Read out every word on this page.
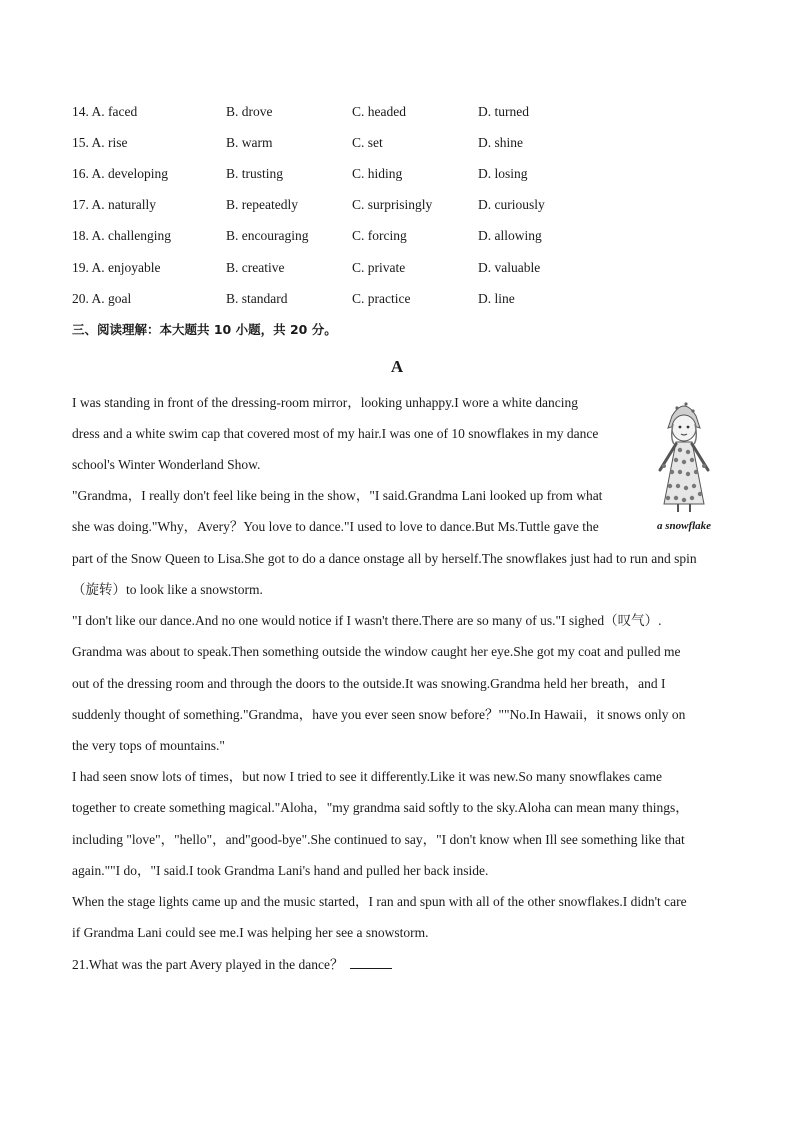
14. A. faced	B. drove	C. headed	D. turned
15. A. rise	B. warm	C. set	D. shine
16. A. developing	B. trusting	C. hiding	D. losing
17. A. naturally	B. repeatedly	C. surprisingly	D. curiously
18. A. challenging	B. encouraging	C. forcing	D. allowing
19. A. enjoyable	B. creative	C. private	D. valuable
20. A. goal	B. standard	C. practice	D. line
三、阅读理解：本大题共 10 小题，共 20 分。
A
a snowflake
I was standing in front of the dressing-room mirror，looking unhappy.I wore a white dancing
dress and a white swim cap that covered most of my hair.I was one of 10 snowflakes in my dance
school's Winter Wonderland Show.
"Grandma，I really don't feel like being in the show，"I said.Grandma Lani looked up from what
she was doing."Why，Avery？You love to dance."I used to love to dance.But Ms.Tuttle gave the
part of the Snow Queen to Lisa.She got to do a dance onstage all by herself.The snowflakes just had to run and spin
（旋转）to look like a snowstorm.
"I don't like our dance.And no one would notice if I wasn't there.There are so many of us."I sighed（叹气）.
Grandma was about to speak.Then something outside the window caught her eye.She got my coat and pulled me
out of the dressing room and through the doors to the outside.It was snowing.Grandma held her breath，and I
suddenly thought of something."Grandma，have you ever seen snow before？""No.In Hawaii，it snows only on
the very tops of mountains."
I had seen snow lots of times，but now I tried to see it differently.Like it was new.So many snowflakes came
together to create something magical."Aloha，"my grandma said softly to the sky.Aloha can mean many things，
including "love"，"hello"，and"good-bye".She continued to say，"I don't know when Ill see something like that
again.""I do，"I said.I took Grandma Lani's hand and pulled her back inside.
When the stage lights came up and the music started，I ran and spun with all of the other snowflakes.I didn't care
if Grandma Lani could see me.I was helping her see a snowstorm.
21.What was the part Avery played in the dance？
